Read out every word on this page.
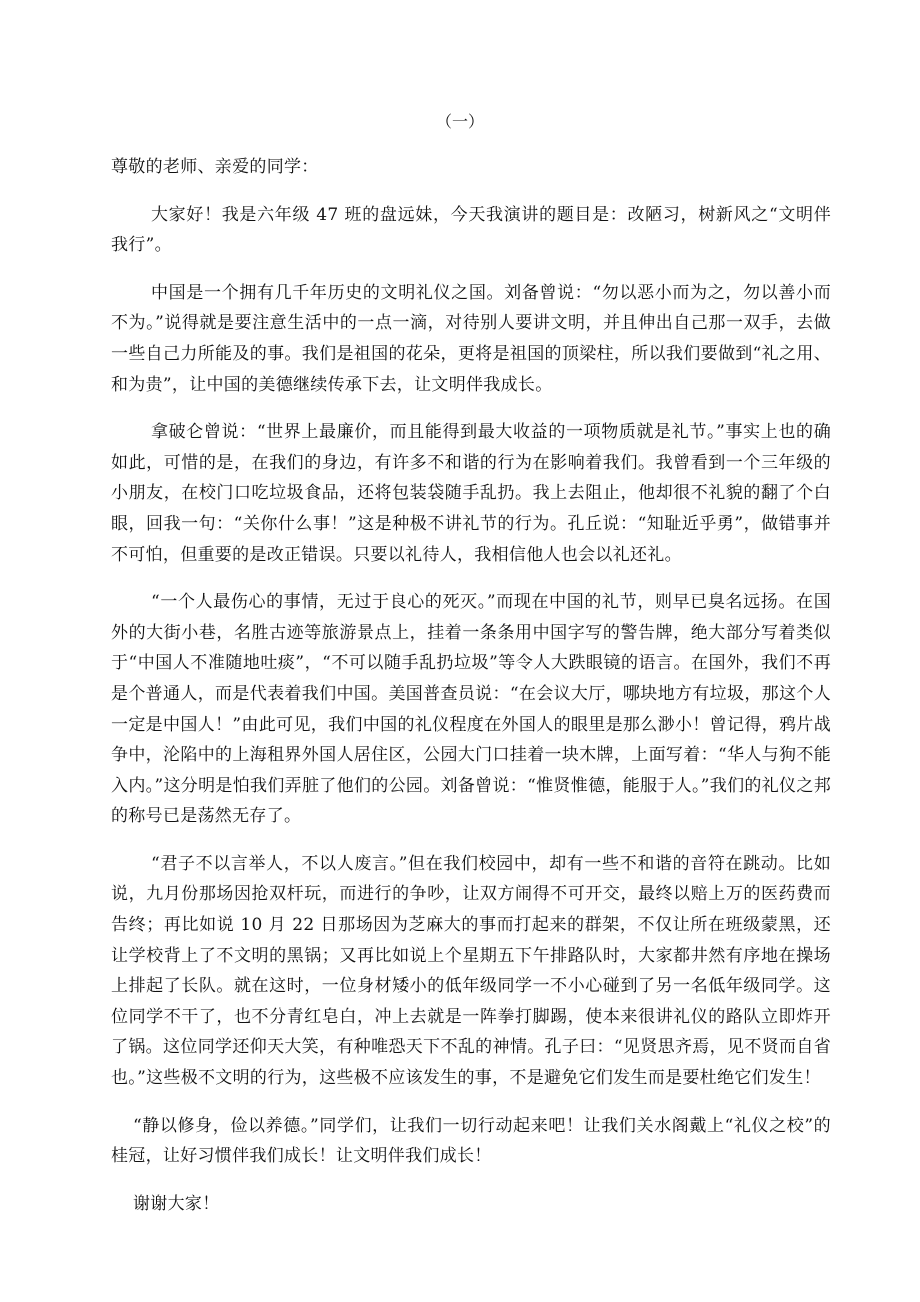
（一）

尊敬的老师、亲爱的同学：

大家好！我是六年级 47 班的盘远妹，今天我演讲的题目是：改陋习，树新风之“文明伴我行”。

中国是一个拥有几千年历史的文明礼仪之国。刘备曾说：“勿以恶小而为之，勿以善小而不为。”说得就是要注意生活中的一点一滴，对待别人要讲文明，并且伸出自己那一双手，去做一些自己力所能及的事。我们是祖国的花朵，更将是祖国的顶梁柱，所以我们要做到“礼之用、和为贵”，让中国的美德继续传承下去，让文明伴我成长。

拿破仑曾说：“世界上最廉价，而且能得到最大收益的一项物质就是礼节。”事实上也的确如此，可惜的是，在我们的身边，有许多不和谐的行为在影响着我们。我曾看到一个三年级的小朋友，在校门口吃垃圾食品，还将包装袋随手乱扔。我上去阻止，他却很不礼貌的翻了个白眼，回我一句：“关你什么事！”这是种极不讲礼节的行为。孔丘说：“知耻近乎勇”，做错事并不可怕，但重要的是改正错误。只要以礼待人，我相信他人也会以礼还礼。

“一个人最伤心的事情，无过于良心的死灭。”而现在中国的礼节，则早已臭名远扬。在国外的大街小巷，名胜古迹等旅游景点上，挂着一条条用中国字写的警告牌，绝大部分写着类似于“中国人不准随地吐痰”，“不可以随手乱扔垃圾”等令人大跌眼镜的语言。在国外，我们不再是个普通人，而是代表着我们中国。美国普查员说：“在会议大厅，哪块地方有垃圾，那这个人一定是中国人！”由此可见，我们中国的礼仪程度在外国人的眼里是那么渺小！曾记得，鸦片战争中，沦陷中的上海租界外国人居住区，公园大门口挂着一块木牌，上面写着：“华人与狗不能入内。”这分明是怕我们弄脏了他们的公园。刘备曾说：“惟贤惟德，能服于人。”我们的礼仪之邦的称号已是荡然无存了。

“君子不以言举人，不以人废言。”但在我们校园中，却有一些不和谐的音符在跳动。比如说，九月份那场因抢双杆玩，而进行的争吵，让双方闹得不可开交，最终以赔上万的医药费而告终；再比如说 10 月 22 日那场因为芝麻大的事而打起来的群架，不仅让所在班级蒙黑，还让学校背上了不文明的黑锅；又再比如说上个星期五下午排路队时，大家都井然有序地在操场上排起了长队。就在这时，一位身材矮小的低年级同学一不小心碰到了另一名低年级同学。这位同学不干了，也不分青红皂白，冲上去就是一阵拳打脚踢，使本来很讲礼仪的路队立即炸开了锅。这位同学还仰天大笑，有种唯恐天下不乱的神情。孔子曰：“见贤思齐焉，见不贤而自省也。”这些极不文明的行为，这些极不应该发生的事，不是避免它们发生而是要杜绝它们发生！

“静以修身，俭以养德。”同学们，让我们一切行动起来吧！让我们关水阁戴上“礼仪之校”的桂冠，让好习惯伴我们成长！让文明伴我们成长！

谢谢大家！
